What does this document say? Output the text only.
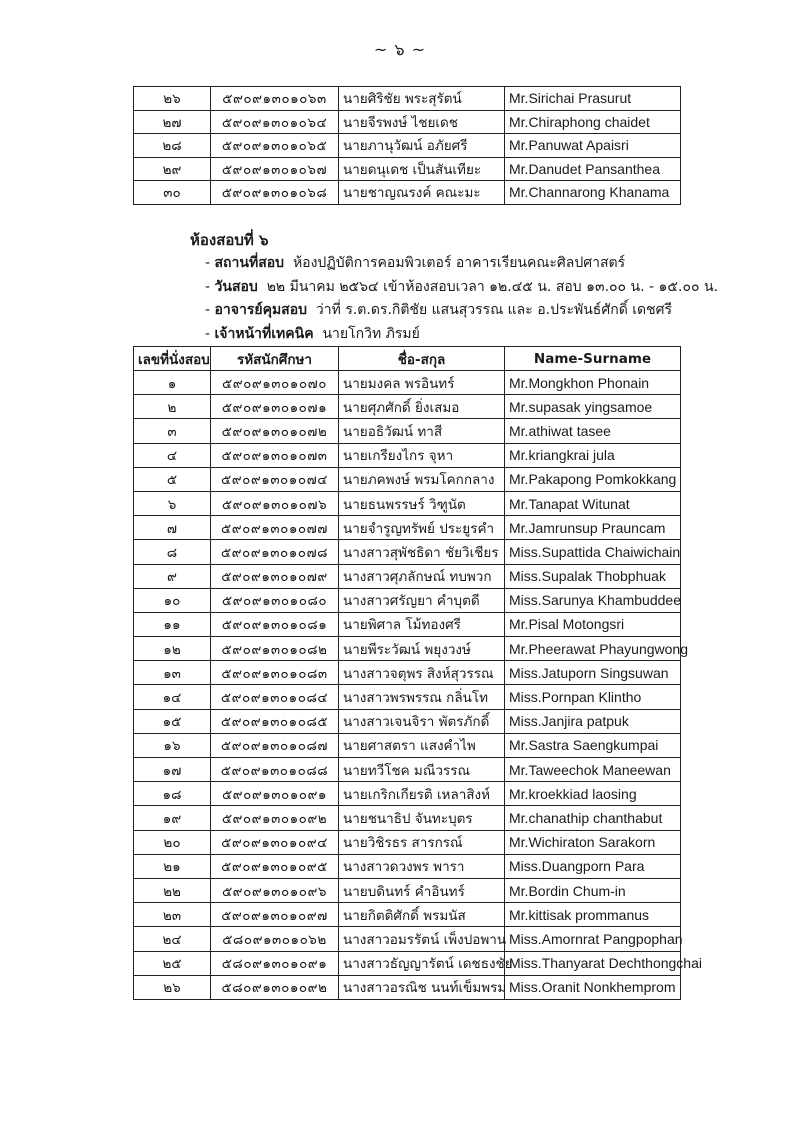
~ ๖ ~
๒๖	๕๙๐๙๑๓๐๑๐๖๓	นายศิริชัย พระสุรัตน์	Mr.Sirichai Prasurut
๒๗	๕๙๐๙๑๓๐๑๐๖๔	นายจีรพงษ์ ไชยเดช	Mr.Chiraphong chaidet
๒๘	๕๙๐๙๑๓๐๑๐๖๕	นายภานุวัฒน์ อภัยศรี	Mr.Panuwat Apaisri
๒๙	๕๙๐๙๑๓๐๑๐๖๗	นายดนุเดช เป็นสันเทียะ	Mr.Danudet Pansanthea
๓๐	๕๙๐๙๑๓๐๑๐๖๘	นายชาญณรงค์ คณะมะ	Mr.Channarong Khanama
ห้องสอบที่ ๖
- สถานที่สอบ ห้องปฏิบัติการคอมพิวเตอร์ อาคารเรียนคณะศิลปศาสตร์
- วันสอบ ๒๒ มีนาคม ๒๕๖๔ เข้าห้องสอบเวลา ๑๒.๔๕ น. สอบ ๑๓.๐๐ น. - ๑๕.๐๐ น.
- อาจารย์คุมสอบ ว่าที่ ร.ต.ดร.กิติชัย แสนสุวรรณ และ อ.ประพันธ์ศักดิ์ เดชศรี
- เจ้าหน้าที่เทคนิค นายโกวิท ภิรมย์
เลขที่นั่งสอบ	รหัสนักศึกษา	ชื่อ-สกุล	Name-Surname
๑	๕๙๐๙๑๓๐๑๐๗๐	นายมงคล พรอินทร์	Mr.Mongkhon Phonain
๒	๕๙๐๙๑๓๐๑๐๗๑	นายศุภศักดิ์ ยิ่งเสมอ	Mr.supasak yingsamoe
๓	๕๙๐๙๑๓๐๑๐๗๒	นายอธิวัฒน์ ทาสี	Mr.athiwat tasee
๔	๕๙๐๙๑๓๐๑๐๗๓	นายเกรียงไกร จุหา	Mr.kriangkrai jula
๕	๕๙๐๙๑๓๐๑๐๗๔	นายภคพงษ์ พรมโคกกลาง	Mr.Pakapong Pomkokkang
๖	๕๙๐๙๑๓๐๑๐๗๖	นายธนพรรษร์ วิฑูนัต	Mr.Tanapat Witunat
๗	๕๙๐๙๑๓๐๑๐๗๗	นายจำรูญทรัพย์ ประยูรคำ	Mr.Jamrunsup Prauncam
๘	๕๙๐๙๑๓๐๑๐๗๘	นางสาวสุพัชธิดา ชัยวิเชียร	Miss.Supattida Chaiwichain
๙	๕๙๐๙๑๓๐๑๐๗๙	นางสาวศุภลักษณ์ ทบพวก	Miss.Supalak Thobphuak
๑๐	๕๙๐๙๑๓๐๑๐๘๐	นางสาวศรัญยา คำบุตดี	Miss.Sarunya Khambuddee
๑๑	๕๙๐๙๑๓๐๑๐๘๑	นายพิศาล โม้ทองศรี	Mr.Pisal Motongsri
๑๒	๕๙๐๙๑๓๐๑๐๘๒	นายพีระวัฒน์ พยุงวงษ์	Mr.Pheerawat Phayungwong
๑๓	๕๙๐๙๑๓๐๑๐๘๓	นางสาวจตุพร สิงห์สุวรรณ	Miss.Jatuporn Singsuwan
๑๔	๕๙๐๙๑๓๐๑๐๘๔	นางสาวพรพรรณ กลิ่นโท	Miss.Pornpan Klintho
๑๕	๕๙๐๙๑๓๐๑๐๘๕	นางสาวเจนจิรา พัตรภักดิ์	Miss.Janjira patpuk
๑๖	๕๙๐๙๑๓๐๑๐๘๗	นายศาสตรา แสงคำไพ	Mr.Sastra Saengkumpai
๑๗	๕๙๐๙๑๓๐๑๐๘๘	นายทวีโชค มณีวรรณ	Mr.Taweechok Maneewan
๑๘	๕๙๐๙๑๓๐๑๐๙๑	นายเกริกเกียรติ เหลาสิงห์	Mr.kroekkiad laosing
๑๙	๕๙๐๙๑๓๐๑๐๙๒	นายชนาธิป จันทะบุตร	Mr.chanathip chanthabut
๒๐	๕๙๐๙๑๓๐๑๐๙๔	นายวิชิรธร สารกรณ์	Mr.Wichiraton Sarakorn
๒๑	๕๙๐๙๑๓๐๑๐๙๕	นางสาวดวงพร พารา	Miss.Duangporn Para
๒๒	๕๙๐๙๑๓๐๑๐๙๖	นายบดินทร์ คำอินทร์	Mr.Bordin Chum-in
๒๓	๕๙๐๙๑๓๐๑๐๙๗	นายกิตติศักดิ์ พรมนัส	Mr.kittisak prommanus
๒๔	๕๘๐๙๑๓๐๑๐๖๒	นางสาวอมรรัตน์ เพ็งปอพาน	Miss.Amornrat Pangpophan
๒๕	๕๘๐๙๑๓๐๑๐๙๑	นางสาวธัญญารัตน์ เดชธงชัย	Miss.Thanyarat Dechthongchai
๒๖	๕๘๐๙๑๓๐๑๐๙๒	นางสาวอรณิช นนท์เข็มพรม	Miss.Oranit Nonkhemprom
